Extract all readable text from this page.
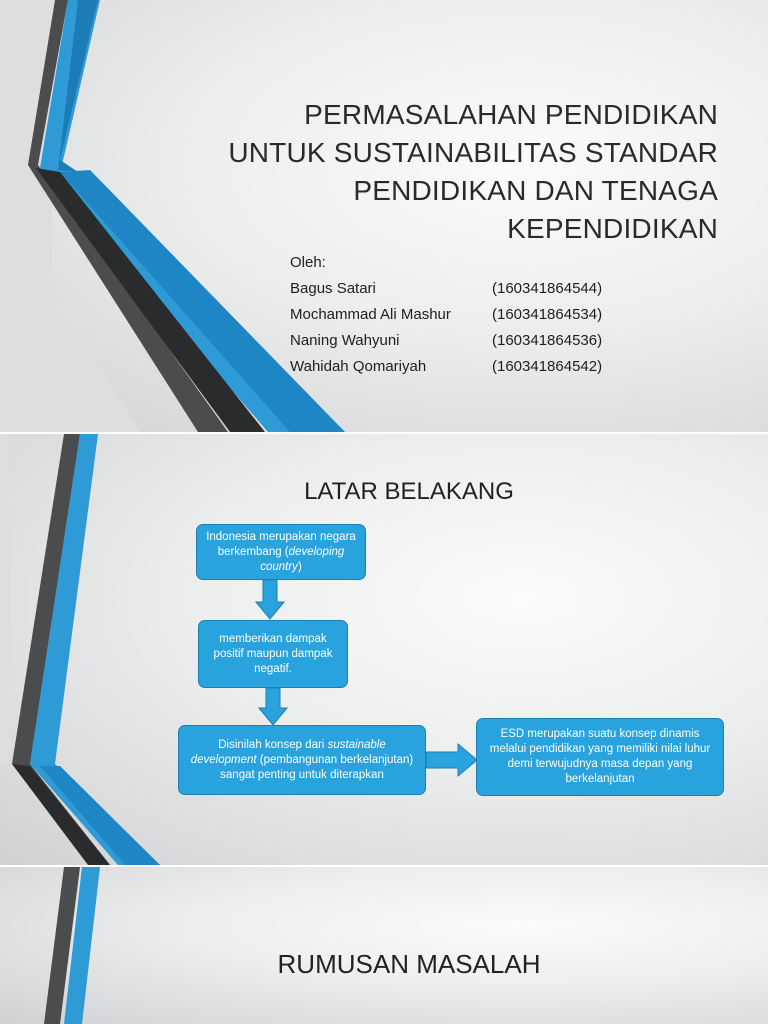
PERMASALAHAN PENDIDIKAN
UNTUK SUSTAINABILITAS STANDAR
PENDIDIKAN DAN TENAGA
KEPENDIDIKAN
Oleh:
Bagus Satari	(160341864544)
Mochammad Ali Mashur	(160341864534)
Naning Wahyuni	(160341864536)
Wahidah Qomariyah	(160341864542)
LATAR BELAKANG
Indonesia merupakan negara berkembang (developing country)
memberikan dampak positif maupun dampak negatif.
Disinilah konsep dari sustainable development (pembangunan berkelanjutan) sangat penting untuk diterapkan
ESD merupakan suatu konsep dinamis melalui pendidikan yang memiliki nilai luhur demi terwujudnya masa depan yang berkelanjutan
RUMUSAN MASALAH
